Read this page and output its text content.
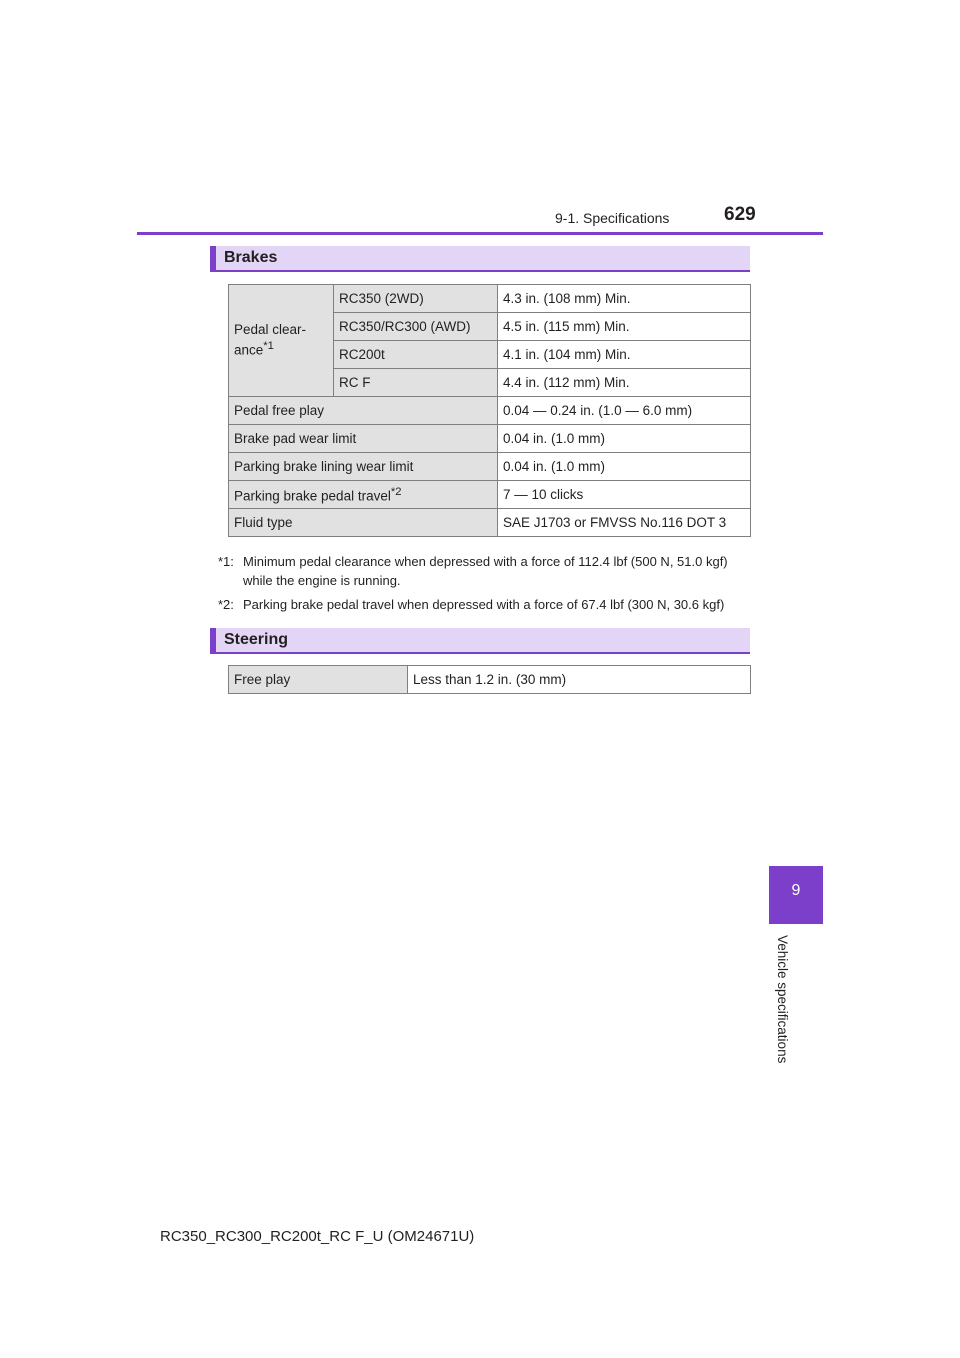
9-1. Specifications	629
Brakes
Pedal clear-ance$^{*1}$	RC350 (2WD)	4.3 in. (108 mm) Min.
	RC350/RC300 (AWD)	4.5 in. (115 mm) Min.
	RC200t	4.1 in. (104 mm) Min.
	RC F	4.4 in. (112 mm) Min.
Pedal free play		0.04 — 0.24 in. (1.0 — 6.0 mm)
Brake pad wear limit		0.04 in. (1.0 mm)
Parking brake lining wear limit		0.04 in. (1.0 mm)
Parking brake pedal travel$^{*2}$		7 — 10 clicks
Fluid type		SAE J1703 or FMVSS No.116 DOT 3
*1: Minimum pedal clearance when depressed with a force of 112.4 lbf (500 N, 51.0 kgf) while the engine is running.
*2: Parking brake pedal travel when depressed with a force of 67.4 lbf (300 N, 30.6 kgf)
Steering
Free play	Less than 1.2 in. (30 mm)
9
Vehicle specifications
RC350_RC300_RC200t_RC F_U (OM24671U)
